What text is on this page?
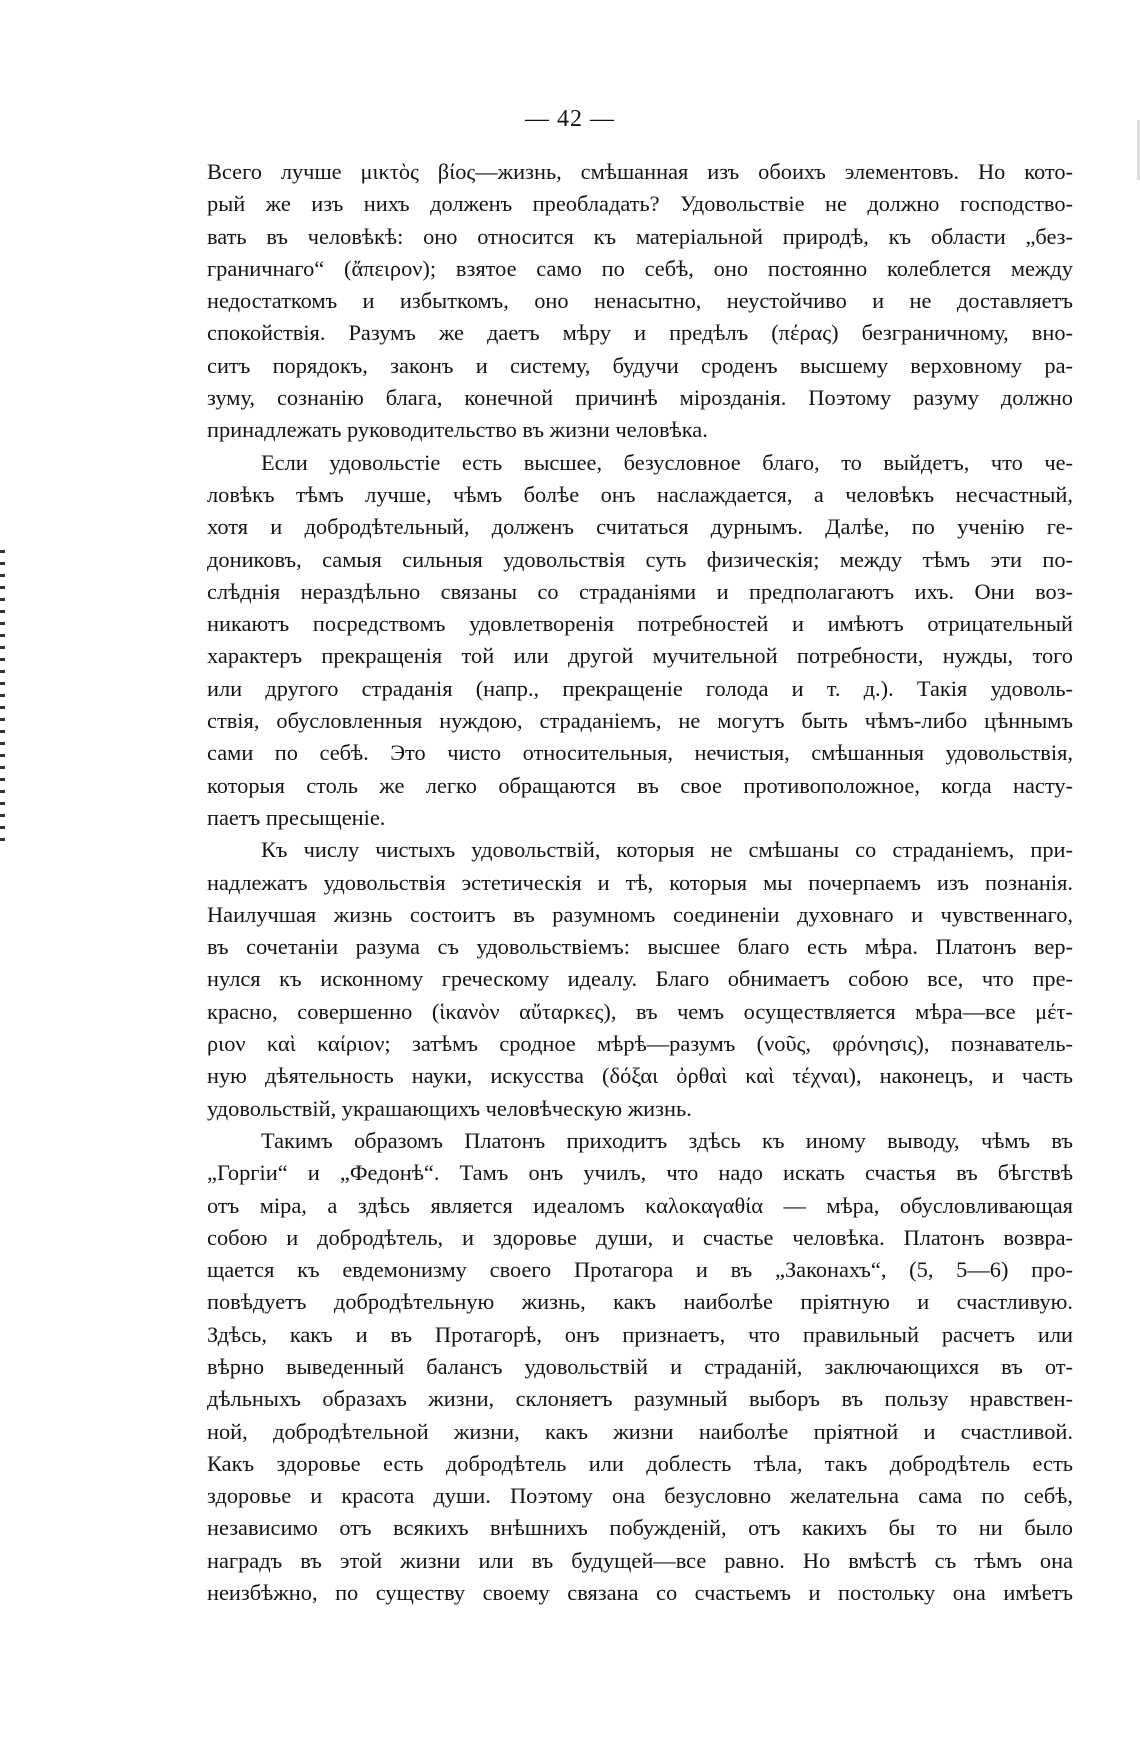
— 42 —
Всего лучше μικτὸς βίος—жизнь, смѣшанная изъ обоихъ элементовъ. Но кото-
рый же изъ нихъ долженъ преобладать? Удовольствіе не должно господство-
вать въ человѣкѣ: оно относится къ матеріальной природѣ, къ области „без-
граничнаго“ (ἄπειρον); взятое само по себѣ, оно постоянно колеблется между
недостаткомъ и избыткомъ, оно ненасытно, неустойчиво и не доставляетъ
спокойствія. Разумъ же даетъ мѣру и предѣлъ (πέρας) безграничному, вно-
ситъ порядокъ, законъ и систему, будучи сроденъ высшему верховному ра-
зуму, сознанію блага, конечной причинѣ мірозданія. Поэтому разуму должно
принадлежать руководительство въ жизни человѣка.
Если удовольстіе есть высшее, безусловное благо, то выйдетъ, что че-
ловѣкъ тѣмъ лучше, чѣмъ болѣе онъ наслаждается, а человѣкъ несчастный,
хотя и добродѣтельный, долженъ считаться дурнымъ. Далѣе, по ученію ге-
дониковъ, самыя сильныя удовольствія суть физическія; между тѣмъ эти по-
слѣднія нераздѣльно связаны со страданіями и предполагаютъ ихъ. Они воз-
никаютъ посредствомъ удовлетворенія потребностей и имѣютъ отрицательный
характеръ прекращенія той или другой мучительной потребности, нужды, того
или другого страданія (напр., прекращеніе голода и т. д.). Такія удоволь-
ствія, обусловленныя нуждою, страданіемъ, не могутъ быть чѣмъ-либо цѣннымъ
сами по себѣ. Это чисто относительныя, нечистыя, смѣшанныя удовольствія,
которыя столь же легко обращаются въ свое противоположное, когда насту-
паетъ пресыщеніе.
Къ числу чистыхъ удовольствій, которыя не смѣшаны со страданіемъ, при-
надлежатъ удовольствія эстетическія и тѣ, которыя мы почерпаемъ изъ познанія.
Наилучшая жизнь состоитъ въ разумномъ соединеніи духовнаго и чувственнаго,
въ сочетаніи разума съ удовольствіемъ: высшее благо есть мѣра. Платонъ вер-
нулся къ исконному греческому идеалу. Благо обнимаетъ собою все, что пре-
красно, совершенно (ἱκανὸν αὔταρκες), въ чемъ осуществляется мѣра—все μέτ-
ριον καὶ καίριον; затѣмъ сродное мѣрѣ—разумъ (νοῦς, φρόνησις), познаватель-
ную дѣятельность науки, искусства (δόξαι ὀρθαὶ καὶ τέχναι), наконецъ, и часть
удовольствій, украшающихъ человѣческую жизнь.
Такимъ образомъ Платонъ приходитъ здѣсь къ иному выводу, чѣмъ въ
„Горгіи“ и „Федонѣ“. Тамъ онъ училъ, что надо искать счастья въ бѣгствѣ
отъ міра, а здѣсь является идеаломъ καλοκαγαθία — мѣра, обусловливающая
собою и добродѣтель, и здоровье души, и счастье человѣка. Платонъ возвра-
щается къ евдемонизму своего Протагора и въ „Законахъ“, (5, 5—6) про-
повѣдуетъ добродѣтельную жизнь, какъ наиболѣе пріятную и счастливую.
Здѣсь, какъ и въ Протагорѣ, онъ признаетъ, что правильный расчетъ или
вѣрно выведенный балансъ удовольствій и страданій, заключающихся въ от-
дѣльныхъ образахъ жизни, склоняетъ разумный выборъ въ пользу нравствен-
ной, добродѣтельной жизни, какъ жизни наиболѣе пріятной и счастливой.
Какъ здоровье есть добродѣтель или доблесть тѣла, такъ добродѣтель есть
здоровье и красота души. Поэтому она безусловно желательна сама по себѣ,
независимо отъ всякихъ внѣшнихъ побужденій, отъ какихъ бы то ни было
наградъ въ этой жизни или въ будущей—все равно. Но вмѣстѣ съ тѣмъ она
неизбѣжно, по существу своему связана со счастьемъ и постольку она имѣетъ
